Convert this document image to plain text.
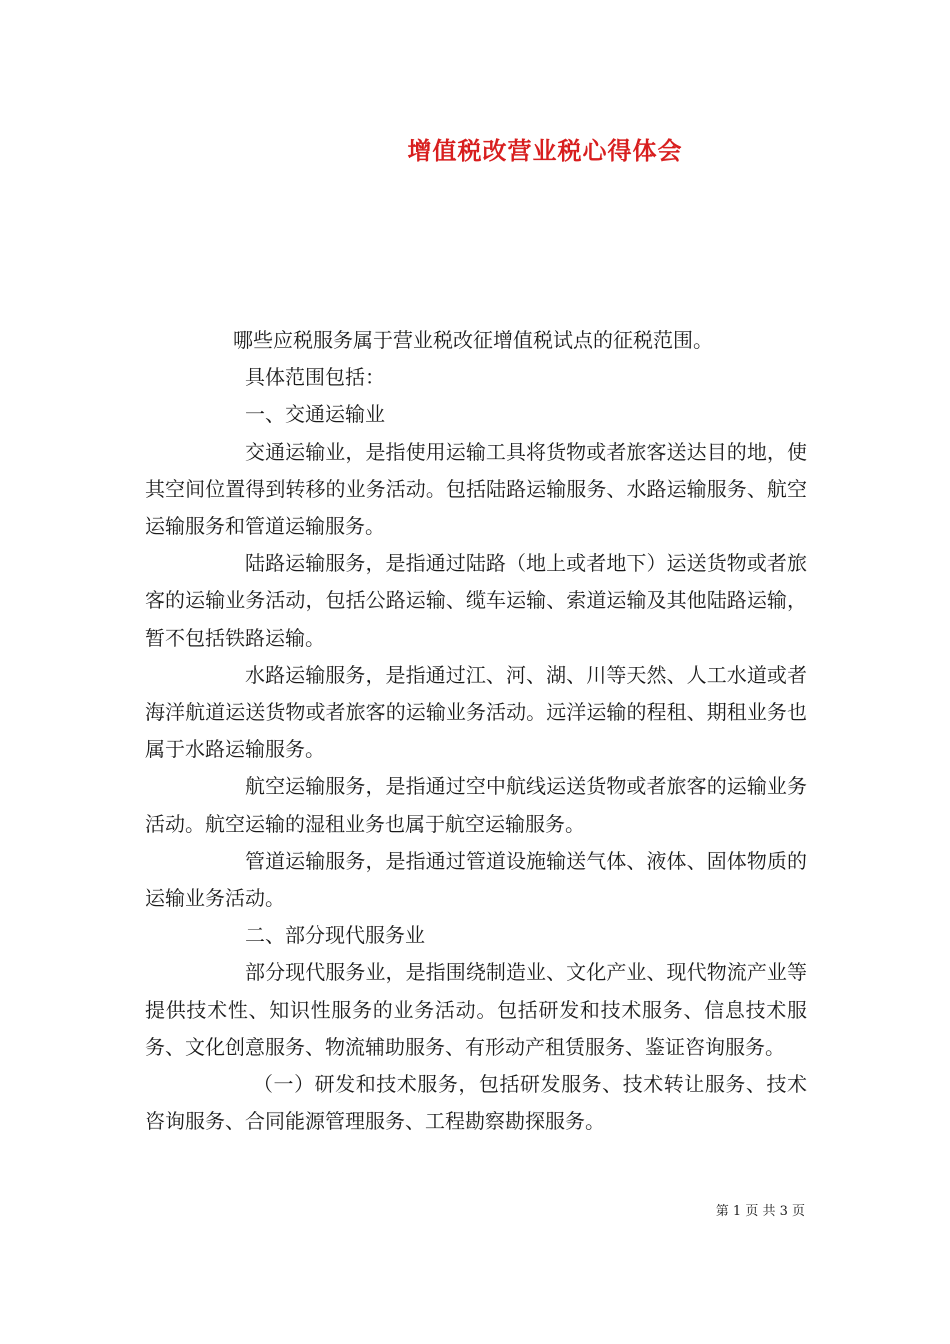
增值税改营业税心得体会

哪些应税服务属于营业税改征增值税试点的征税范围。

具体范围包括：

一、交通运输业

交通运输业，是指使用运输工具将货物或者旅客送达目的地，使其空间位置得到转移的业务活动。包括陆路运输服务、水路运输服务、航空运输服务和管道运输服务。

陆路运输服务，是指通过陆路（地上或者地下）运送货物或者旅客的运输业务活动，包括公路运输、缆车运输、索道运输及其他陆路运输，暂不包括铁路运输。

水路运输服务，是指通过江、河、湖、川等天然、人工水道或者海洋航道运送货物或者旅客的运输业务活动。远洋运输的程租、期租业务也属于水路运输服务。

航空运输服务，是指通过空中航线运送货物或者旅客的运输业务活动。航空运输的湿租业务也属于航空运输服务。

管道运输服务，是指通过管道设施输送气体、液体、固体物质的运输业务活动。

二、部分现代服务业

部分现代服务业，是指围绕制造业、文化产业、现代物流产业等提供技术性、知识性服务的业务活动。包括研发和技术服务、信息技术服务、文化创意服务、物流辅助服务、有形动产租赁服务、鉴证咨询服务。

（一）研发和技术服务，包括研发服务、技术转让服务、技术咨询服务、合同能源管理服务、工程勘察勘探服务。

第 1 页 共 3 页
